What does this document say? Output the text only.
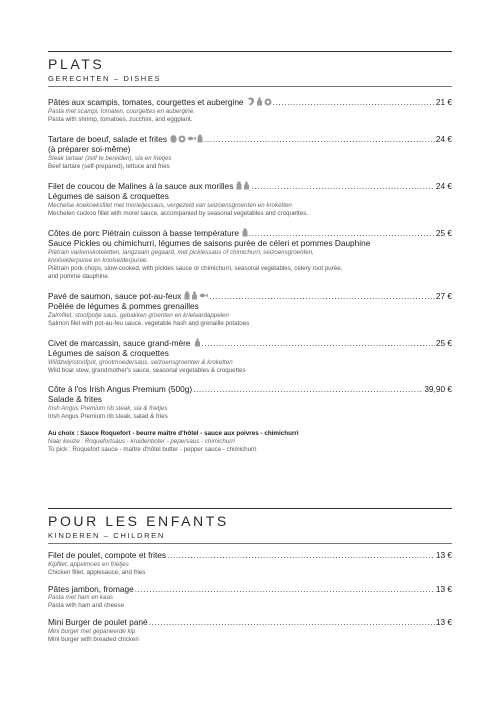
PLATS
GERECHTEN – DISHES
Pâtes aux scampis, tomates, courgettes et aubergine .....	21 €
Pasta met scampi, tomaten, courgettes en aubergine.
Pasta with shrimp, tomatoes, zucchini, and eggplant.
Tartare de boeuf, salade et frites .....	24 €
(à préparer soi-même)
Steak tartaar (zelf te bereiden), sla en frietjes
Beef tartare (self-prepared), lettuce and fries
Filet de coucou de Malines à la sauce aux morilles .....	24 €
Légumes de saison & croquettes
Mechelse koekoeksfilet met morieljessaus, vergezeld van seizoensgroenten en kroketten
Mechelen cuckoo fillet with morel sauce, accompanied by seasonal vegetables and croquettes.
Côtes de porc Piétrain cuisson à basse température .....	25 €
Sauce Pickles ou chimichurri, légumes de saisons purée de céleri et pommes Dauphine
Piëtrain varkenskoteletten, langzaam gegaard, met picklessaus of chimichurri, seizoensgroenten,
knolselderpuree en knolselderpuree.
Piëtrain pork chops, slow-cooked, with pickles sauce or chimichurri, seasonal vegetables, celery root purée,
and pomme dauphine.
Pavé de saumon, sauce pot-au-feux .....	27 €
Poêlée de légumes & pommes grenailles
Zalmfilet, stoofpotje saus, gebakken groenten en krielaardappelen
Salmon filet with pot-au-feu sauce, vegetable hash and grenaille potatoes
Civet de marcassin, sauce grand-mère .....	25 €
Légumes de saison & croquettes
Wildzwijnstoofpot, grootmoedersaus, seizoensgroenten & kroketten
Wild boar stew, grandmother's sauce, seasonal vegetables & croquettes
Côte à l'os Irish Angus Premium (500g) .....	39,90 €
Salade & frites
Irish Angus Premium rib steak, sla & frietjes
Irish Angus Premium rib steak, salad & fries
Au choix : Sauce Roquefort - beurre maître d'hôtel - sauce aux poivres - chimichurri
Naar keuze : Roquefortsaus - kruidenboter - pepersaus - chimichurri
To pick : Roquefort sauce - maître d'hôtel butter - pepper sauce - chimichurri
POUR LES ENFANTS
KINDEREN – CHILDREN
Filet de poulet, compote et frites .....	13 €
Kipfilet, appelmoes en frietjes
Chicken fillet, applesauce, and fries
Pâtes jambon, fromage .....	13 €
Pasta met ham en kaas
Pasta with ham and cheese
Mini Burger de poulet pané .....	13 €
Mini burger met gepaneerde kip
Mini burger with breaded chicken
